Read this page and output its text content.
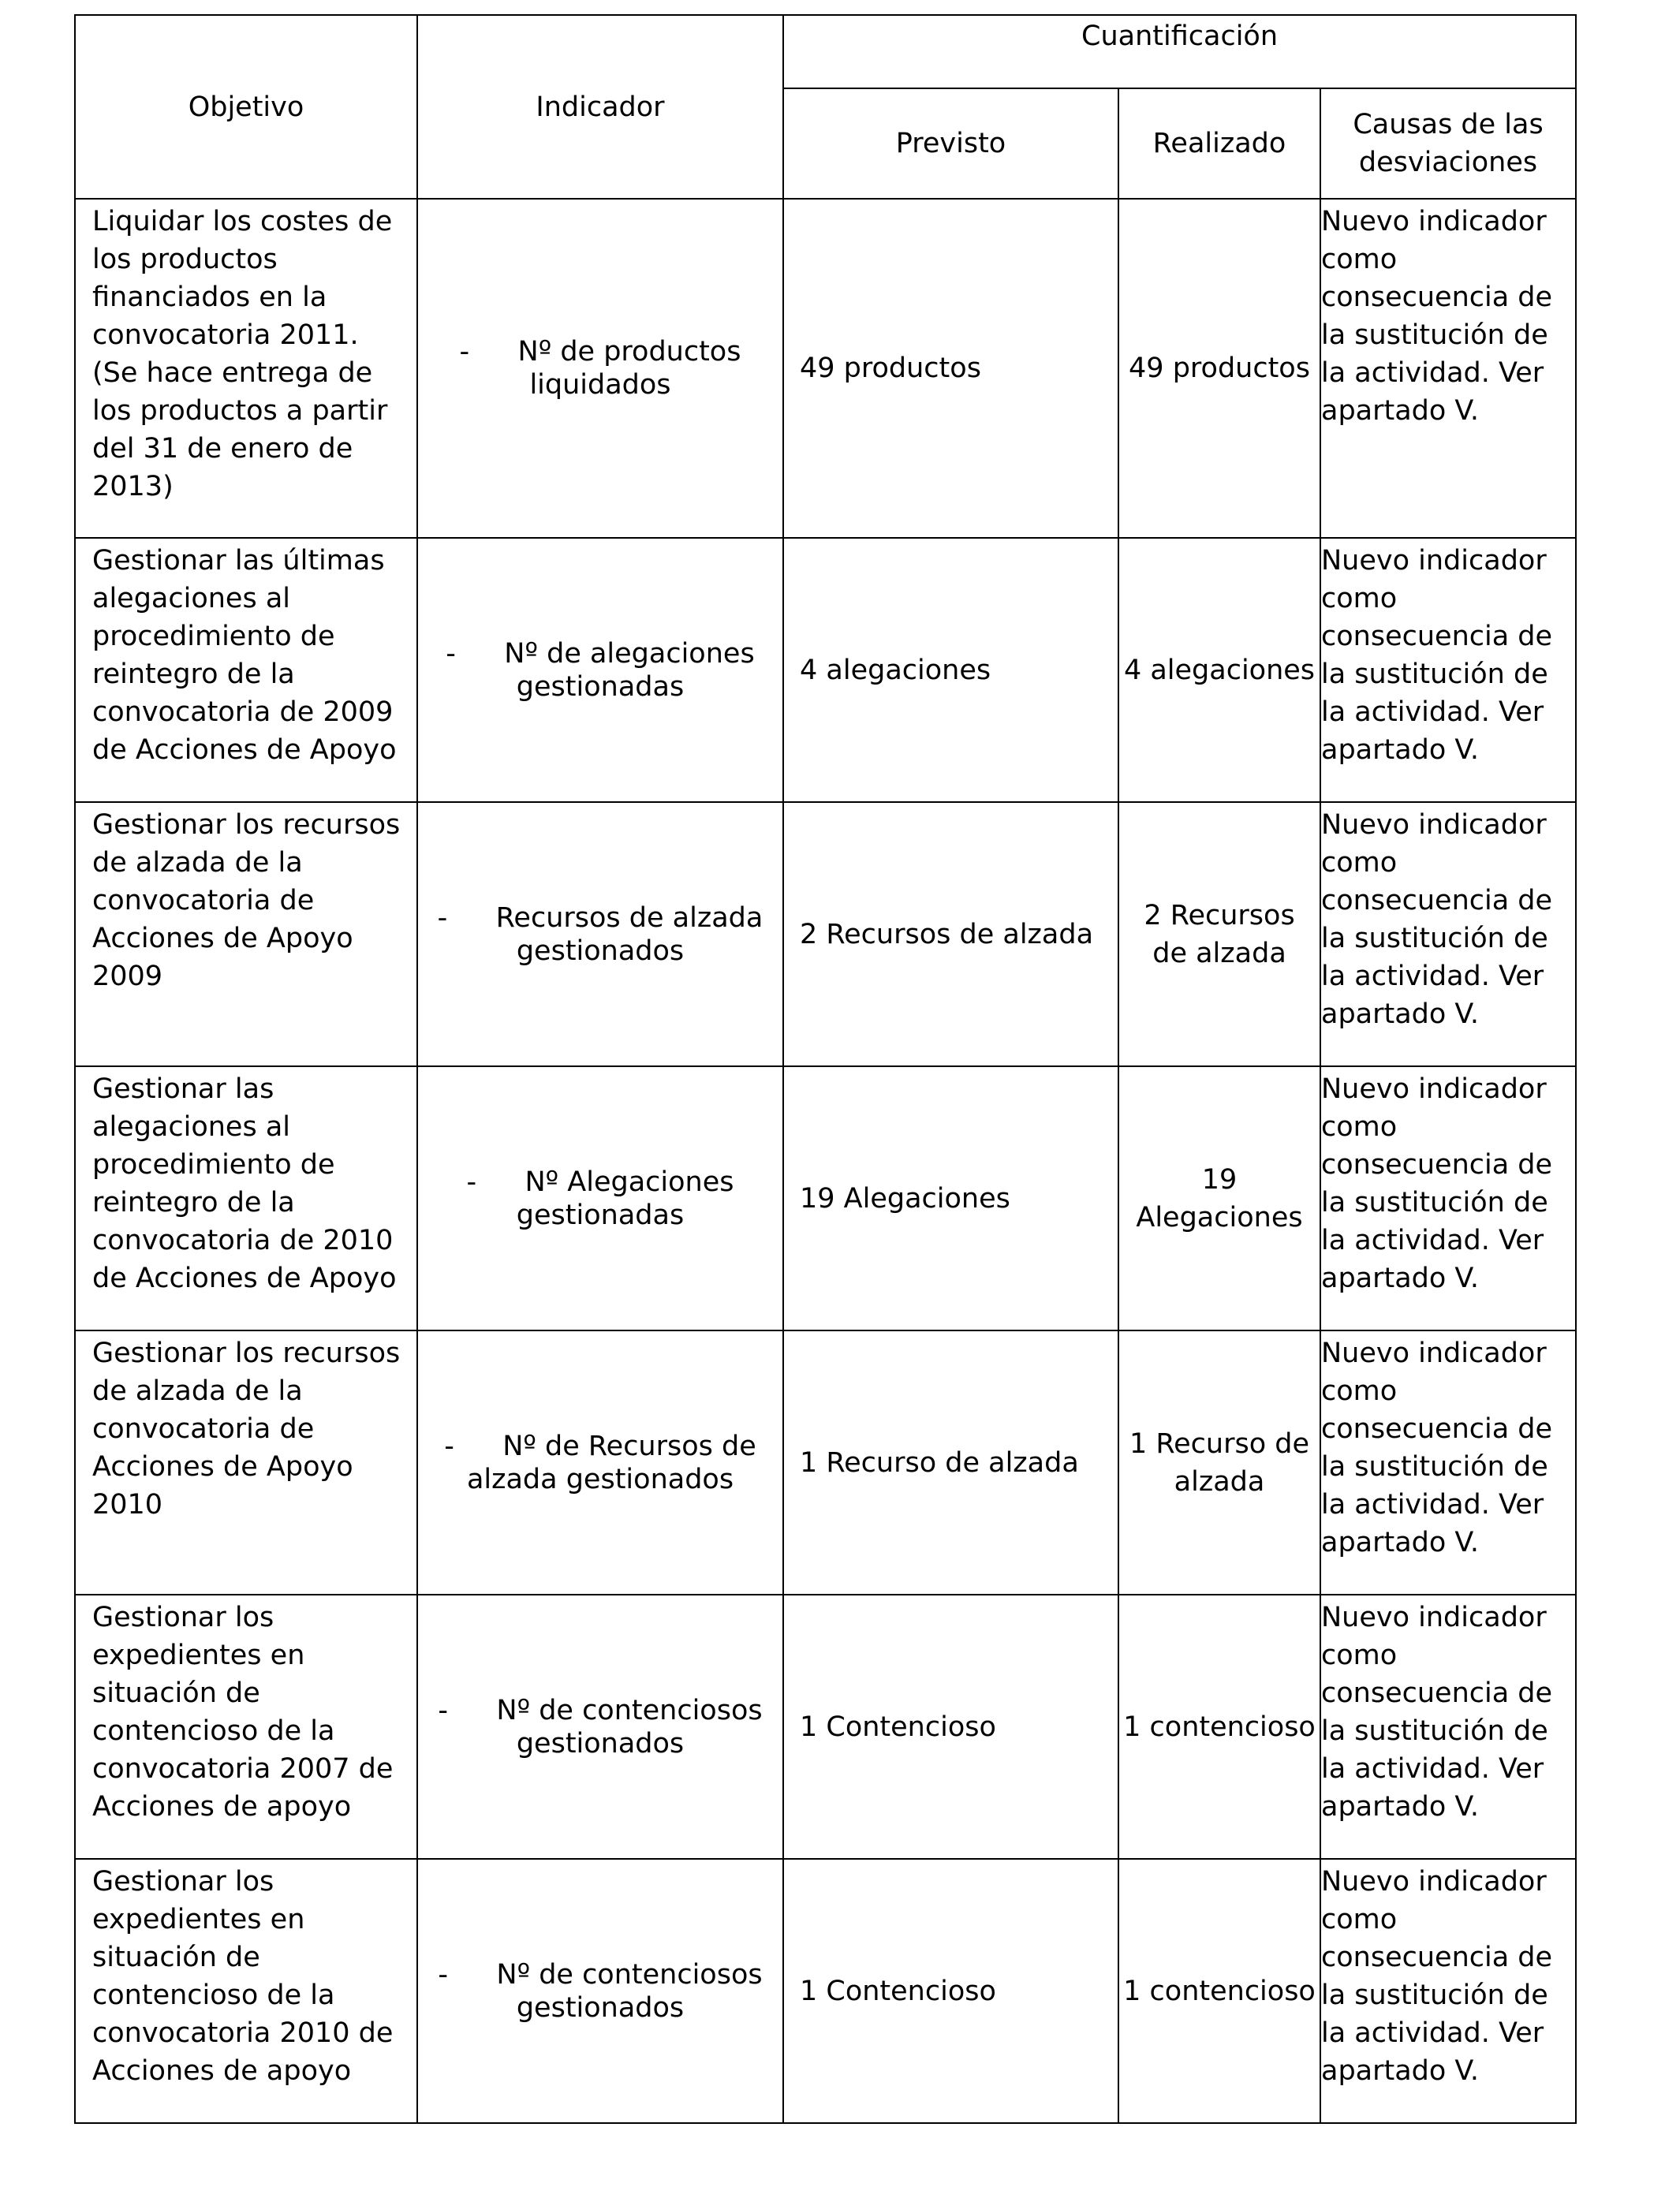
Objetivo	Indicador	Cuantificación		
		Previsto	Realizado	Causas de las desviaciones
Liquidar los costes de los productos financiados en la convocatoria 2011. (Se hace entrega de los productos a partir del 31 de enero de 2013)	- Nº de productos liquidados	49 productos	49 productos	Nuevo indicador como consecuencia de la sustitución de la actividad. Ver apartado V.
Gestionar las últimas alegaciones al procedimiento de reintegro de la convocatoria de 2009 de Acciones de Apoyo	- Nº de alegaciones gestionadas	4 alegaciones	4 alegaciones	Nuevo indicador como consecuencia de la sustitución de la actividad. Ver apartado V.
Gestionar los recursos de alzada de la convocatoria de Acciones de Apoyo 2009	- Recursos de alzada gestionados	2 Recursos de alzada	2 Recursos de alzada	Nuevo indicador como consecuencia de la sustitución de la actividad. Ver apartado V.
Gestionar las alegaciones al procedimiento de reintegro de la convocatoria de 2010 de Acciones de Apoyo	- Nº Alegaciones gestionadas	19 Alegaciones	19 Alegaciones	Nuevo indicador como consecuencia de la sustitución de la actividad. Ver apartado V.
Gestionar los recursos de alzada de la convocatoria de Acciones de Apoyo 2010	- Nº de Recursos de alzada gestionados	1 Recurso de alzada	1 Recurso de alzada	Nuevo indicador como consecuencia de la sustitución de la actividad. Ver apartado V.
Gestionar los expedientes en situación de contencioso de la convocatoria 2007 de Acciones de apoyo	- Nº de contenciosos gestionados	1 Contencioso	1 contencioso	Nuevo indicador como consecuencia de la sustitución de la actividad. Ver apartado V.
Gestionar los expedientes en situación de contencioso de la convocatoria 2010 de Acciones de apoyo	- Nº de contenciosos gestionados	1 Contencioso	1 contencioso	Nuevo indicador como consecuencia de la sustitución de la actividad. Ver apartado V.
